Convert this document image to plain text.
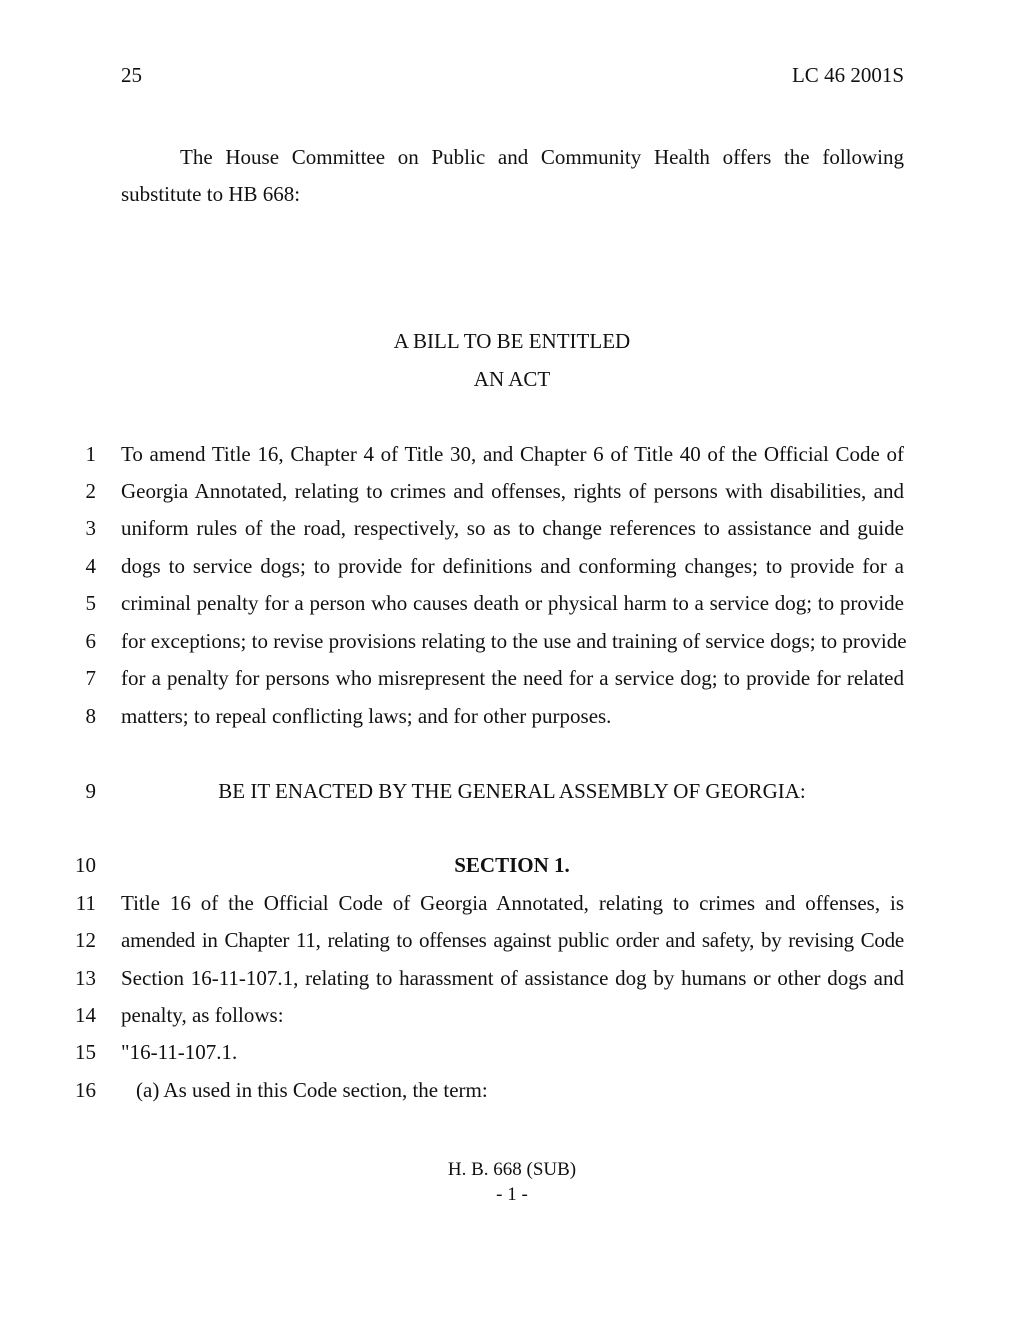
25	LC 46 2001S
The House Committee on Public and Community Health offers the following
substitute to HB 668:
A BILL TO BE ENTITLED
AN ACT
1 To amend Title 16, Chapter 4 of Title 30, and Chapter 6 of Title 40 of the Official Code of
2 Georgia Annotated, relating to crimes and offenses, rights of persons with disabilities, and
3 uniform rules of the road, respectively, so as to change references to assistance and guide
4 dogs to service dogs; to provide for definitions and conforming changes; to provide for a
5 criminal penalty for a person who causes death or physical harm to a service dog; to provide
6 for exceptions; to revise provisions relating to the use and training of service dogs; to provide
7 for a penalty for persons who misrepresent the need for a service dog; to provide for related
8 matters; to repeal conflicting laws; and for other purposes.
9	BE IT ENACTED BY THE GENERAL ASSEMBLY OF GEORGIA:
10	SECTION 1.
11 Title 16 of the Official Code of Georgia Annotated, relating to crimes and offenses, is
12 amended in Chapter 11, relating to offenses against public order and safety, by revising Code
13 Section 16-11-107.1, relating to harassment of assistance dog by humans or other dogs and
14 penalty, as follows:
15 "16-11-107.1.
16 (a) As used in this Code section, the term:
H. B. 668 (SUB)
- 1 -
